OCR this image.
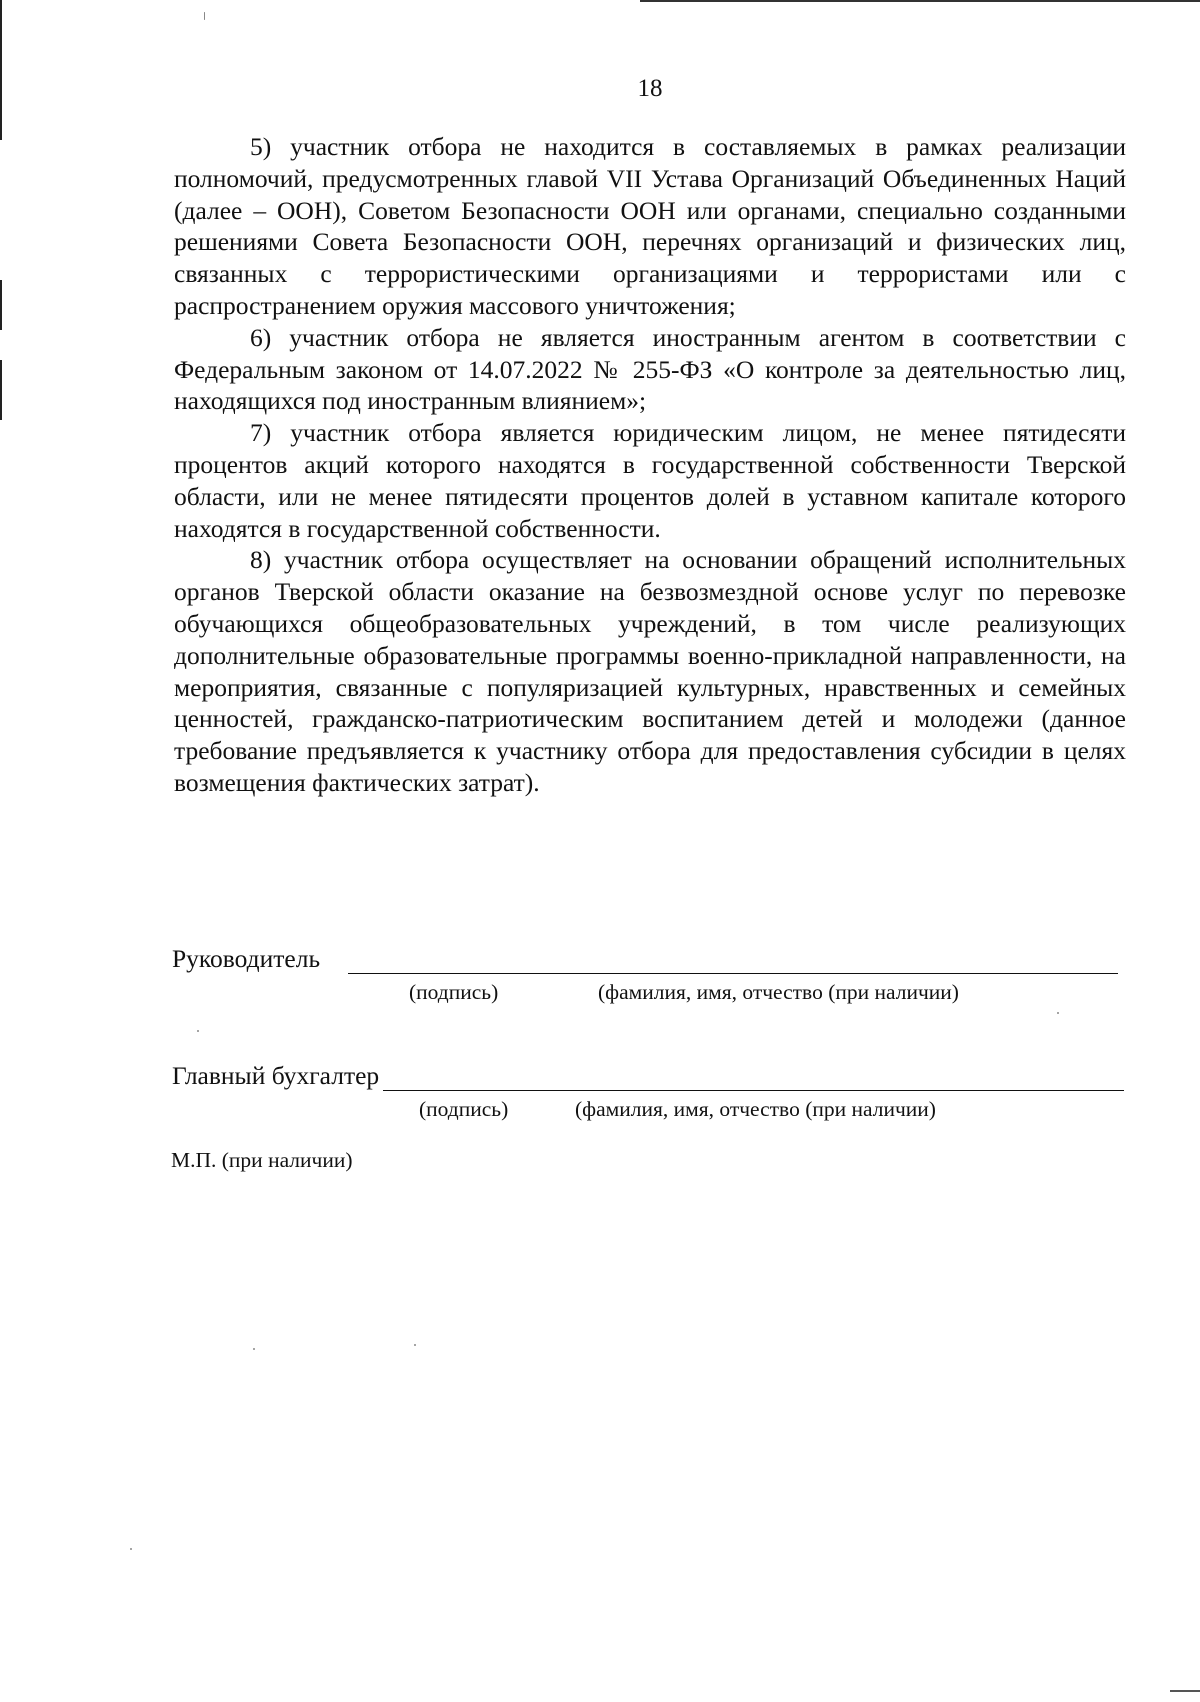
18

5) участник отбора не находится в составляемых в рамках реализации полномочий, предусмотренных главой VII Устава Организаций Объединенных Наций (далее – ООН), Советом Безопасности ООН или органами, специально созданными решениями Совета Безопасности ООН, перечнях организаций и физических лиц, связанных с террористическими организациями и террористами или с распространением оружия массового уничтожения;

6) участник отбора не является иностранным агентом в соответствии с Федеральным законом от 14.07.2022 № 255-ФЗ «О контроле за деятельностью лиц, находящихся под иностранным влиянием»;

7) участник отбора является юридическим лицом, не менее пятидесяти процентов акций которого находятся в государственной собственности Тверской области, или не менее пятидесяти процентов долей в уставном капитале которого находятся в государственной собственности.

8) участник отбора осуществляет на основании обращений исполнительных органов Тверской области оказание на безвозмездной основе услуг по перевозке обучающихся общеобразовательных учреждений, в том числе реализующих дополнительные образовательные программы военно-прикладной направленности, на мероприятия, связанные с популяризацией культурных, нравственных и семейных ценностей, гражданско-патриотическим воспитанием детей и молодежи (данное требование предъявляется к участнику отбора для предоставления субсидии в целях возмещения фактических затрат).

Руководитель
(подпись)	(фамилия, имя, отчество (при наличии)
Главный бухгалтер
(подпись)	(фамилия, имя, отчество (при наличии)
М.П. (при наличии)
